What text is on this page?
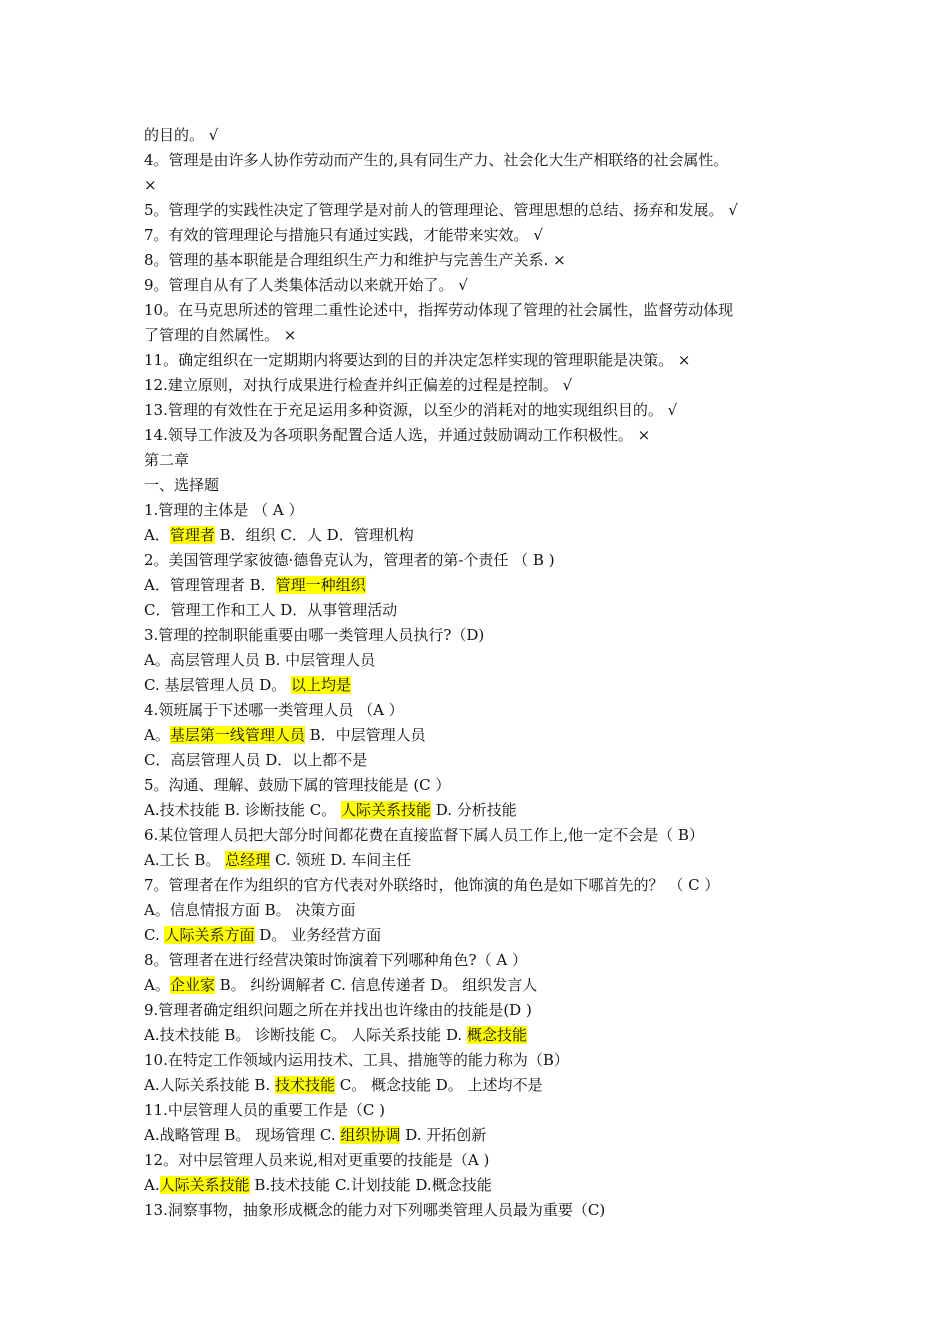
的目的。 √
4。管理是由许多人协作劳动而产生的,具有同生产力、社会化大生产相联络的社会属性。
×
5。管理学的实践性决定了管理学是对前人的管理理论、管理思想的总结、扬弃和发展。 √
7。有效的管理理论与措施只有通过实践，才能带来实效。 √
8。管理的基本职能是合理组织生产力和维护与完善生产关系. ×
9。管理自从有了人类集体活动以来就开始了。 √
10。在马克思所述的管理二重性论述中，指挥劳动体现了管理的社会属性，监督劳动体现
了管理的自然属性。 ×
11。确定组织在一定期期内将要达到的目的并决定怎样实现的管理职能是决策。 ×
12.建立原则，对执行成果进行检查并纠正偏差的过程是控制。 √
13.管理的有效性在于充足运用多种资源，以至少的消耗对的地实现组织目的。 √
14.领导工作波及为各项职务配置合适人选，并通过鼓励调动工作积极性。 ×
第二章
一、选择题
1.管理的主体是 （ A ）
A．管理者 B．组织 C．人 D．管理机构
2。美国管理学家彼德·德鲁克认为，管理者的第-个责任 （ B )
A．管理管理者 B．管理一种组织
C．管理工作和工人 D．从事管理活动
3.管理的控制职能重要由哪一类管理人员执行?（D)
A。高层管理人员 B. 中层管理人员
C. 基层管理人员 D。 以上均是
4.领班属于下述哪一类管理人员 （A ）
A。基层第一线管理人员 B．中层管理人员
C．高层管理人员 D．以上都不是
5。沟通、理解、鼓励下属的管理技能是 (C ）
A.技术技能 B. 诊断技能 C。 人际关系技能 D. 分析技能
6.某位管理人员把大部分时间都花费在直接监督下属人员工作上,他一定不会是（ B）
A.工长 B。 总经理 C. 领班 D. 车间主任
7。管理者在作为组织的官方代表对外联络时，他饰演的角色是如下哪首先的？ （ C ）
A。信息情报方面 B。 决策方面
C. 人际关系方面 D。 业务经营方面
8。管理者在进行经营决策时饰演着下列哪种角色?（ A ）
A。企业家 B。 纠纷调解者 C. 信息传递者 D。 组织发言人
9.管理者确定组织问题之所在并找出也许缘由的技能是(D )
A.技术技能 B。 诊断技能 C。 人际关系技能 D. 概念技能
10.在特定工作领域内运用技术、工具、措施等的能力称为（B）
A.人际关系技能 B. 技术技能 C。 概念技能 D。 上述均不是
11.中层管理人员的重要工作是（C )
A.战略管理 B。 现场管理 C. 组织协调 D. 开拓创新
12。对中层管理人员来说,相对更重要的技能是（A )
A.人际关系技能 B.技术技能 C.计划技能 D.概念技能
13.洞察事物，抽象形成概念的能力对下列哪类管理人员最为重要（C)
